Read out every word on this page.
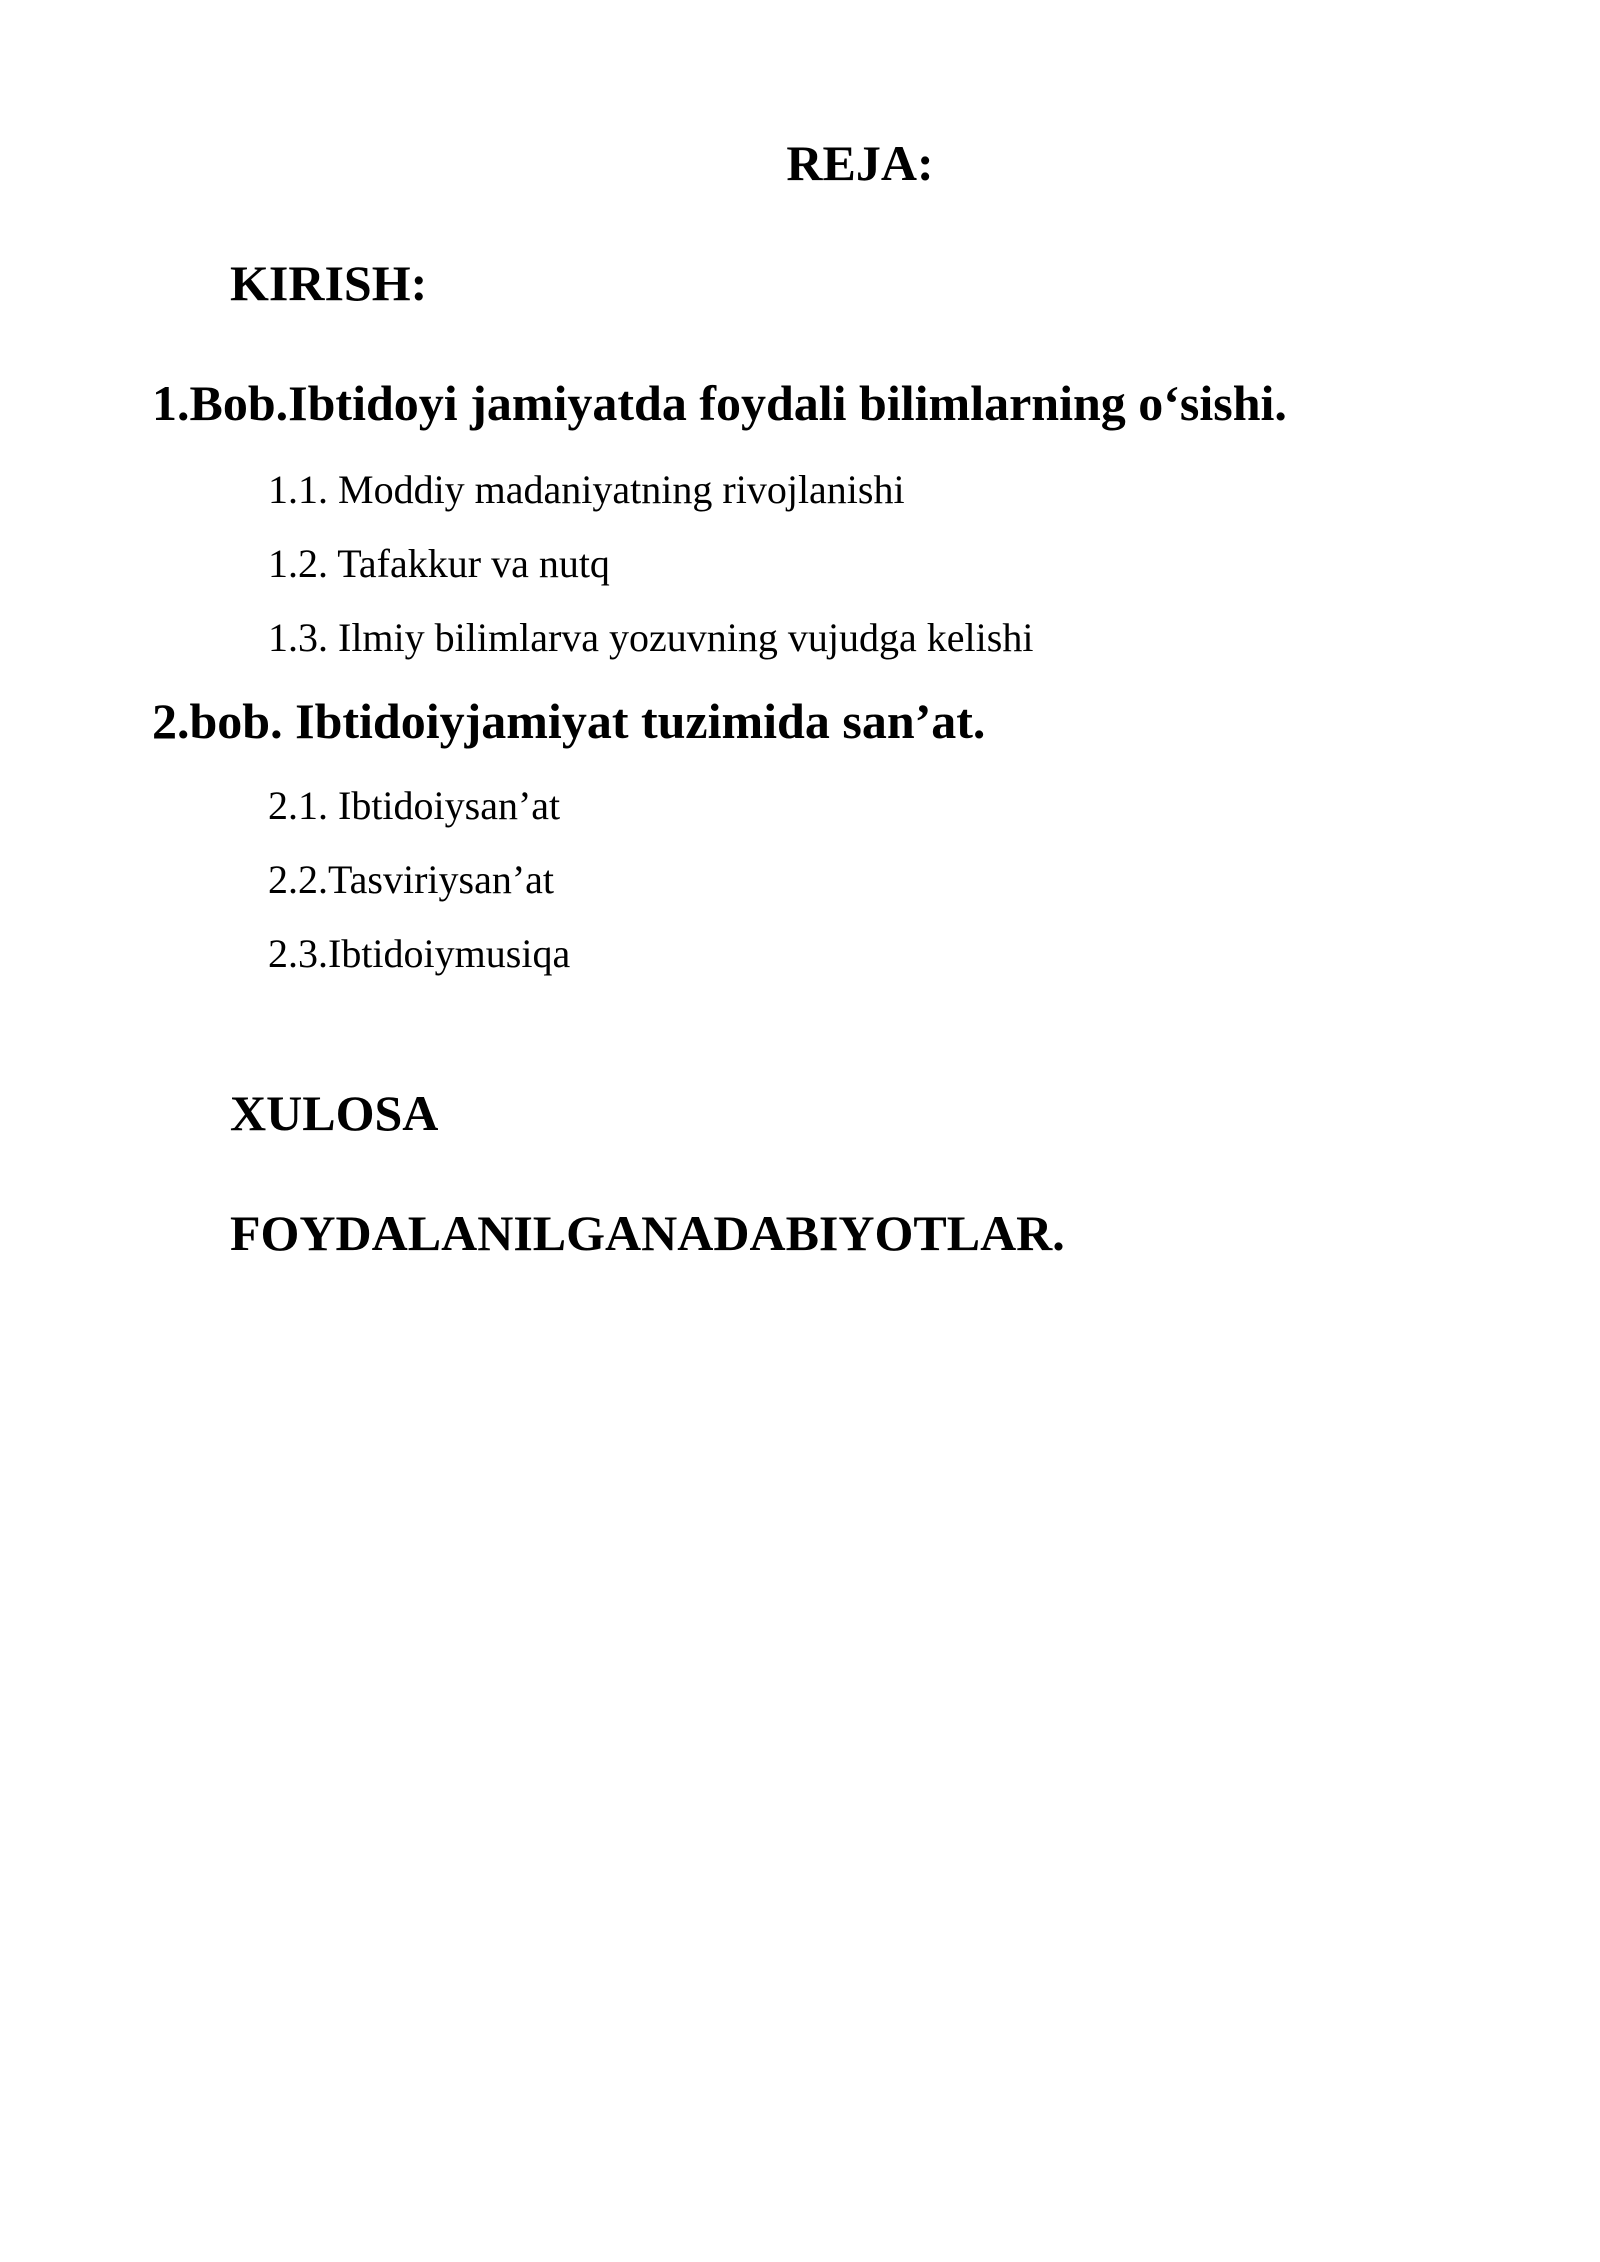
REJA:
KIRISH:
1.Bob.Ibtidoyi jamiyatda foydali bilimlarning o‘sishi.
1.1. Moddiy madaniyatning rivojlanishi
1.2. Tafakkur va nutq
1.3. Ilmiy bilimlarva yozuvning vujudga kelishi
2.bob. Ibtidoiyjamiyat tuzimida san’at.
2.1. Ibtidoiysan’at
2.2.Tasviriysan’at
2.3.Ibtidoiymusiqa
XULOSA
FOYDALANILGANADABIYOTLAR.
